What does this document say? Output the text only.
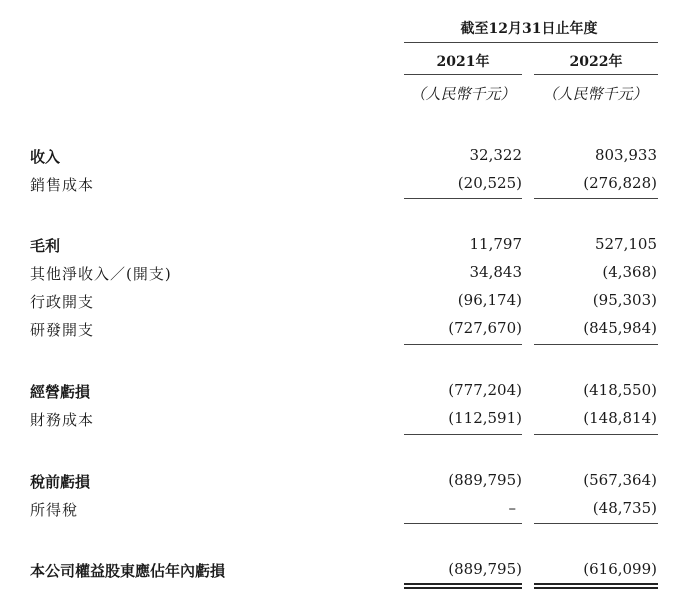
截至12月31日止年度
2021年	2022年
（人民幣千元）	（人民幣千元）
收入	32,322	803,933
銷售成本	(20,525)	(276,828)
毛利	11,797	527,105
其他淨收入／(開支)	34,843	(4,368)
行政開支	(96,174)	(95,303)
研發開支	(727,670)	(845,984)
經營虧損	(777,204)	(418,550)
財務成本	(112,591)	(148,814)
稅前虧損	(889,795)	(567,364)
所得稅	–	(48,735)
本公司權益股東應佔年內虧損	(889,795)	(616,099)
